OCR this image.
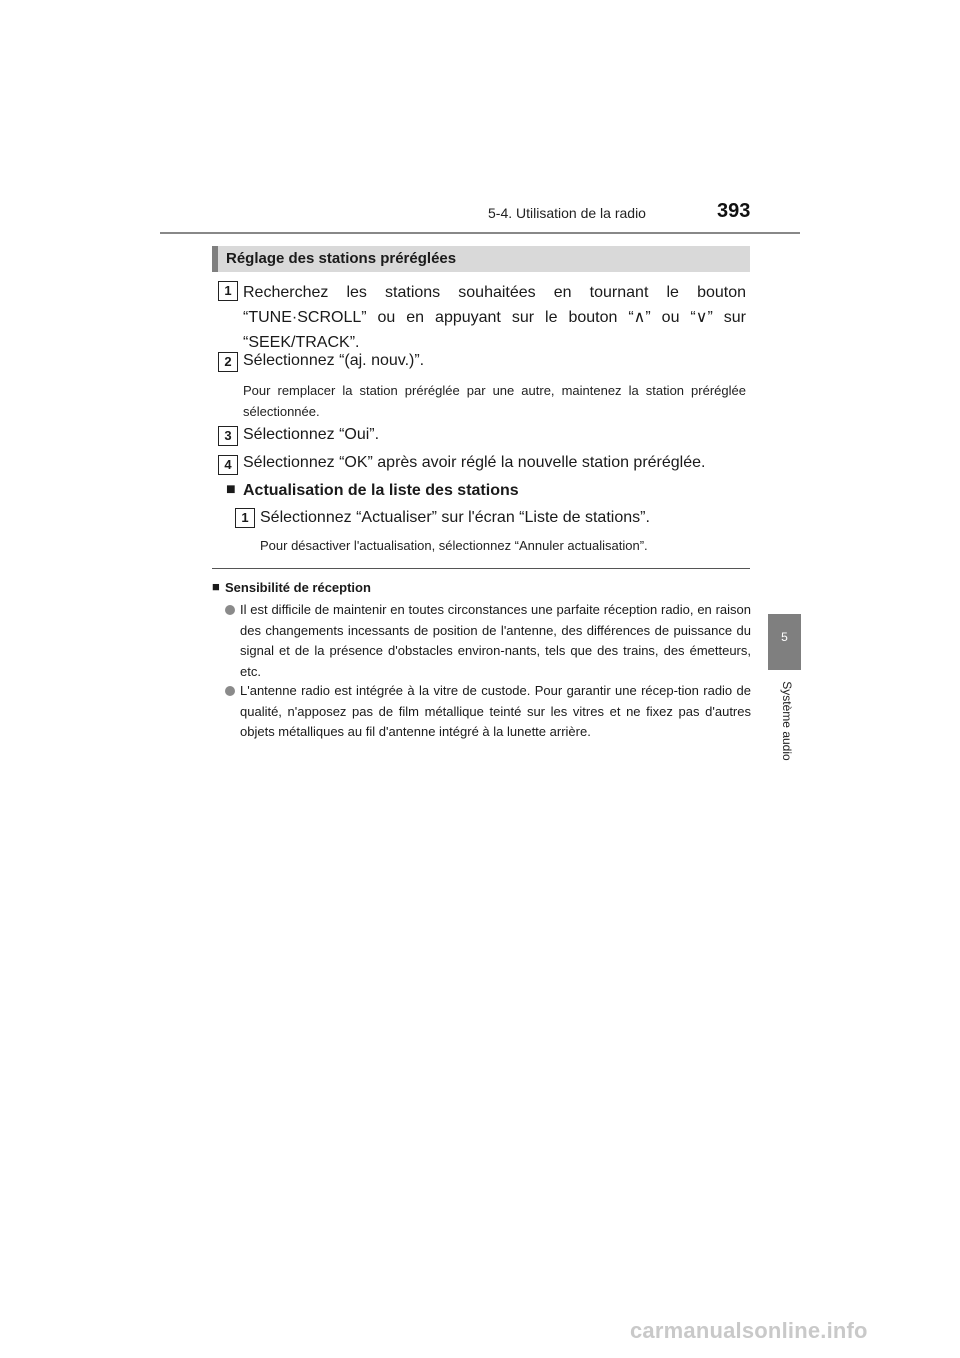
5-4. Utilisation de la radio	393
5
Système audio
Réglage des stations préréglées
1 Recherchez les stations souhaitées en tournant le bouton “TUNE·SCROLL” ou en appuyant sur le bouton “∧” ou “∨” sur “SEEK/TRACK”.
2 Sélectionnez “(aj. nouv.)”.
Pour remplacer la station préréglée par une autre, maintenez la station préréglée sélectionnée.
3 Sélectionnez “Oui”.
4 Sélectionnez “OK” après avoir réglé la nouvelle station préréglée.
■ Actualisation de la liste des stations
1 Sélectionnez “Actualiser” sur l'écran “Liste de stations”.
Pour désactiver l'actualisation, sélectionnez “Annuler actualisation”.
■ Sensibilité de réception
Il est difficile de maintenir en toutes circonstances une parfaite réception radio, en raison des changements incessants de position de l'antenne, des différences de puissance du signal et de la présence d'obstacles environ-nants, tels que des trains, des émetteurs, etc.
L'antenne radio est intégrée à la vitre de custode. Pour garantir une récep-tion radio de qualité, n'apposez pas de film métallique teinté sur les vitres et ne fixez pas d'autres objets métalliques au fil d'antenne intégré à la lunette arrière.
carmanualsonline.info
